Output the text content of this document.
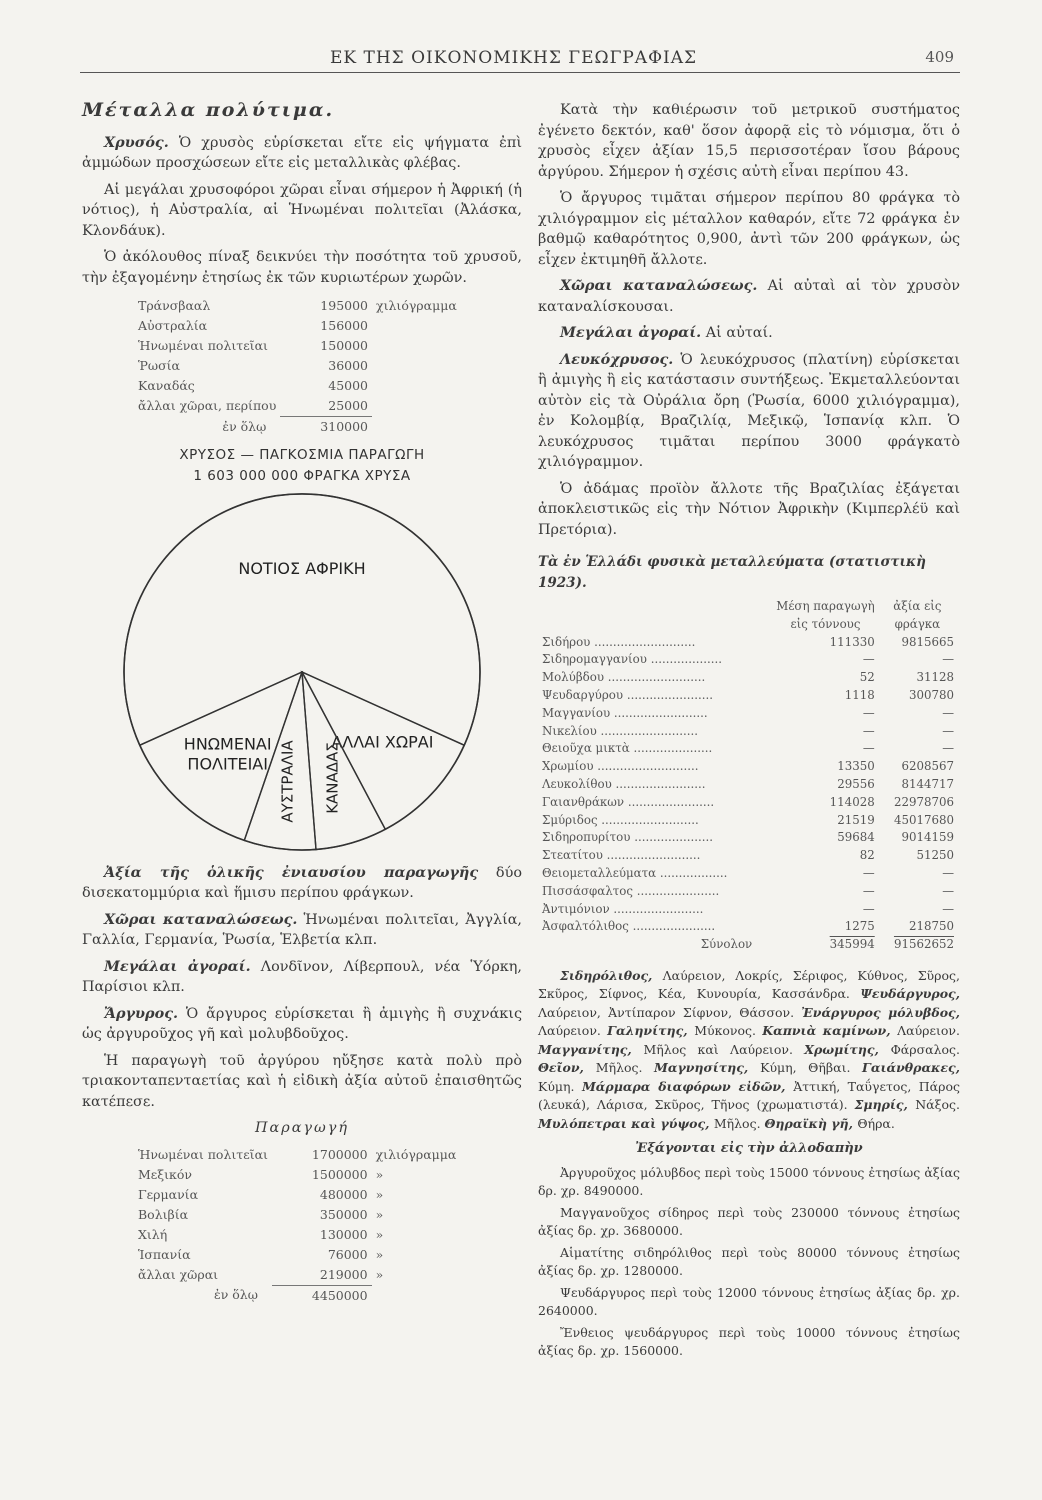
ΕΚ ΤΗΣ ΟΙΚΟΝΟΜΙΚΗΣ ΓΕΩΓΡΑΦΙΑΣ	409
Μέταλλα πολύτιμα.

Χρυσός. Ὁ χρυσὸς εὑρίσκεται εἴτε εἰς ψήγματα ἐπὶ ἀμμώδων προσχώσεων εἴτε εἰς μεταλλικὰς φλέβας.

Αἱ μεγάλαι χρυσοφόροι χῶραι εἶναι σήμερον ἡ Ἀφρική (ἡ νότιος), ἡ Αὐστραλία, αἱ Ἡνωμέναι πολιτεῖαι (Ἀλάσκα, Κλονδάυκ).

Ὁ ἀκόλουθος πίναξ δεικνύει τὴν ποσότητα τοῦ χρυσοῦ, τὴν ἐξαγομένην ἐτησίως ἐκ τῶν κυριωτέρων χωρῶν.

Τράνσβααλ	195000	χιλιόγραμμα
Αὐστραλία	156000	
Ἡνωμέναι πολιτεῖαι	150000	
Ῥωσία	36000	
Καναδάς	45000	
ἄλλαι χῶραι, περίπου	25000	
ἐν ὅλῳ	310000	
ΧΡΥΣΟΣ — ΠΑΓΚΟΣΜΙΑ ΠΑΡΑΓΩΓΗ
1 603 000 000 ΦΡΑΓΚΑ ΧΡΥΣΑ
ΝΟΤΙΟΣ ΑΦΡΙΚΗ
ΑΛΛΑΙ ΧΩΡΑΙ
ΚΑΝΑΔΑΣ
ΑΥΣΤΡΑΛΙΑ
ΗΝΩΜΕΝΑΙ ΠΟΛΙΤΕΙΑΙ

Ἀξία τῆς ὁλικῆς ἐνιαυσίου παραγωγῆς δύο δισεκατομμύρια καὶ ἥμισυ περίπου φράγκων.

Χῶραι καταναλώσεως. Ἡνωμέναι πολιτεῖαι, Ἀγγλία, Γαλλία, Γερμανία, Ῥωσία, Ἑλβετία κλπ.

Μεγάλαι ἀγοραί. Λονδῖνον, Λίβερπουλ, νέα Ὑόρκη, Παρίσιοι κλπ.

Ἄργυρος. Ὁ ἄργυρος εὑρίσκεται ἢ ἀμιγὴς ἢ συχνάκις ὡς ἀργυροῦχος γῆ καὶ μολυβδοῦχος.

Ἡ παραγωγὴ τοῦ ἀργύρου ηὔξησε κατὰ πολὺ πρὸ τριακονταπενταετίας καὶ ἡ εἰδικὴ ἀξία αὐτοῦ ἐπαισθητῶς κατέπεσε.

Παραγωγή
Ἡνωμέναι πολιτεῖαι	1700000	χιλιόγραμμα
Μεξικόν	1500000	»
Γερμανία	480000	»
Βολιβία	350000	»
Χιλή	130000	»
Ἱσπανία	76000	»
ἄλλαι χῶραι	219000	»
ἐν ὅλῳ	4450000	

Κατὰ τὴν καθιέρωσιν τοῦ μετρικοῦ συστήματος ἐγένετο δεκτόν, καθ' ὅσον ἀφορᾷ εἰς τὸ νόμισμα, ὅτι ὁ χρυσὸς εἶχεν ἀξίαν 15,5 περισσοτέραν ἴσου βάρους ἀργύρου. Σήμερον ἡ σχέσις αὐτὴ εἶναι περίπου 43.

Ὁ ἄργυρος τιμᾶται σήμερον περίπου 80 φράγκα τὸ χιλιόγραμμον εἰς μέταλλον καθαρόν, εἴτε 72 φράγκα ἐν βαθμῷ καθαρότητος 0,900, ἀντὶ τῶν 200 φράγκων, ὡς εἶχεν ἐκτιμηθῆ ἄλλοτε.

Χῶραι καταναλώσεως. Αἱ αὐταὶ αἱ τὸν χρυσὸν καταναλίσκουσαι.

Μεγάλαι ἀγοραί. Αἱ αὐταί.

Λευκόχρυσος. Ὁ λευκόχρυσος (πλατίνη) εὑρίσκεται ἢ ἀμιγὴς ἢ εἰς κατάστασιν συντήξεως. Ἐκμεταλλεύονται αὐτὸν εἰς τὰ Οὐράλια ὄρη (Ῥωσία, 6000 χιλιόγραμμα), ἐν Κολομβίᾳ, Βραζιλίᾳ, Μεξικῷ, Ἱσπανίᾳ κλπ. Ὁ λευκόχρυσος τιμᾶται περίπου 3000 φράγκατὸ χιλιόγραμμον.

Ὁ ἀδάμας προϊὸν ἄλλοτε τῆς Βραζιλίας ἐξάγεται ἀποκλειστικῶς εἰς τὴν Νότιον Ἀφρικὴν (Κιμπερλέϋ καὶ Πρετόρια).

Τὰ ἐν Ἑλλάδι φυσικὰ μεταλλεύματα (στατιστικὴ 1923).
	Μέση παραγωγὴ	ἀξία εἰς
	εἰς τόννους	φράγκα
Σιδήρου ...........................	111330	9815665
Σιδηρομαγγανίου ...................	—	—
Μολύβδου ..........................	52	31128
Ψευδαργύρου .......................	1118	300780
Μαγγανίου .........................	—	—
Νικελίου ..........................	—	—
Θειοῦχα μικτὰ .....................	—	—
Χρωμίου ...........................	13350	6208567
Λευκολίθου ........................	29556	8144717
Γαιανθράκων .......................	114028	22978706
Σμύριδος ..........................	21519	45017680
Σιδηροπυρίτου .....................	59684	9014159
Στεατίτου .........................	82	51250
Θειομεταλλεύματα ..................	—	—
Πισσάσφαλτος ......................	—	—
Ἀντιμόνιον ........................	—	—
Ἀσφαλτόλιθος ......................	1275	218750
Σύνολον	345994	91562652

Σιδηρόλιθος, Λαύρειον, Λοκρίς, Σέριφος, Κύθνος, Σῦρος, Σκῦρος, Σίφνος, Κέα, Κυνουρία, Κασσάνδρα. Ψευδάργυρος, Λαύρειον, Ἀντίπαρον Σίφνον, Θάσσον. Ἐνάργυρος μόλυβδος, Λαύρειον. Γαληνίτης, Μύκονος. Καπνιὰ καμίνων, Λαύρειον. Μαγγανίτης, Μῆλος καὶ Λαύρειον. Χρωμίτης, Φάρσαλος. Θεῖον, Μῆλος. Μαγνησίτης, Κύμη, Θῆβαι. Γαιάνθρακες, Κύμη. Μάρμαρα διαφόρων εἰδῶν, Ἀττική, Ταΰγετος, Πάρος (λευκά), Λάρισα, Σκῦρος, Τῆνος (χρωματιστά). Σμηρίς, Νάξος. Μυλόπετραι καὶ γύψος, Μῆλος. Θηραϊκὴ γῆ, Θήρα.

Ἐξάγονται εἰς τὴν ἀλλοδαπὴν

Ἀργυροῦχος μόλυβδος περὶ τοὺς 15000 τόννους ἐτησίως ἀξίας δρ. χρ. 8490000.

Μαγγανοῦχος σίδηρος περὶ τοὺς 230000 τόννους ἐτησίως ἀξίας δρ. χρ. 3680000.

Αἱματίτης σιδηρόλιθος περὶ τοὺς 80000 τόννους ἐτησίως ἀξίας δρ. χρ. 1280000.

Ψευδάργυρος περὶ τοὺς 12000 τόννους ἐτησίως ἀξίας δρ. χρ. 2640000.

Ἔνθειος ψευδάργυρος περὶ τοὺς 10000 τόννους ἐτησίως ἀξίας δρ. χρ. 1560000.
